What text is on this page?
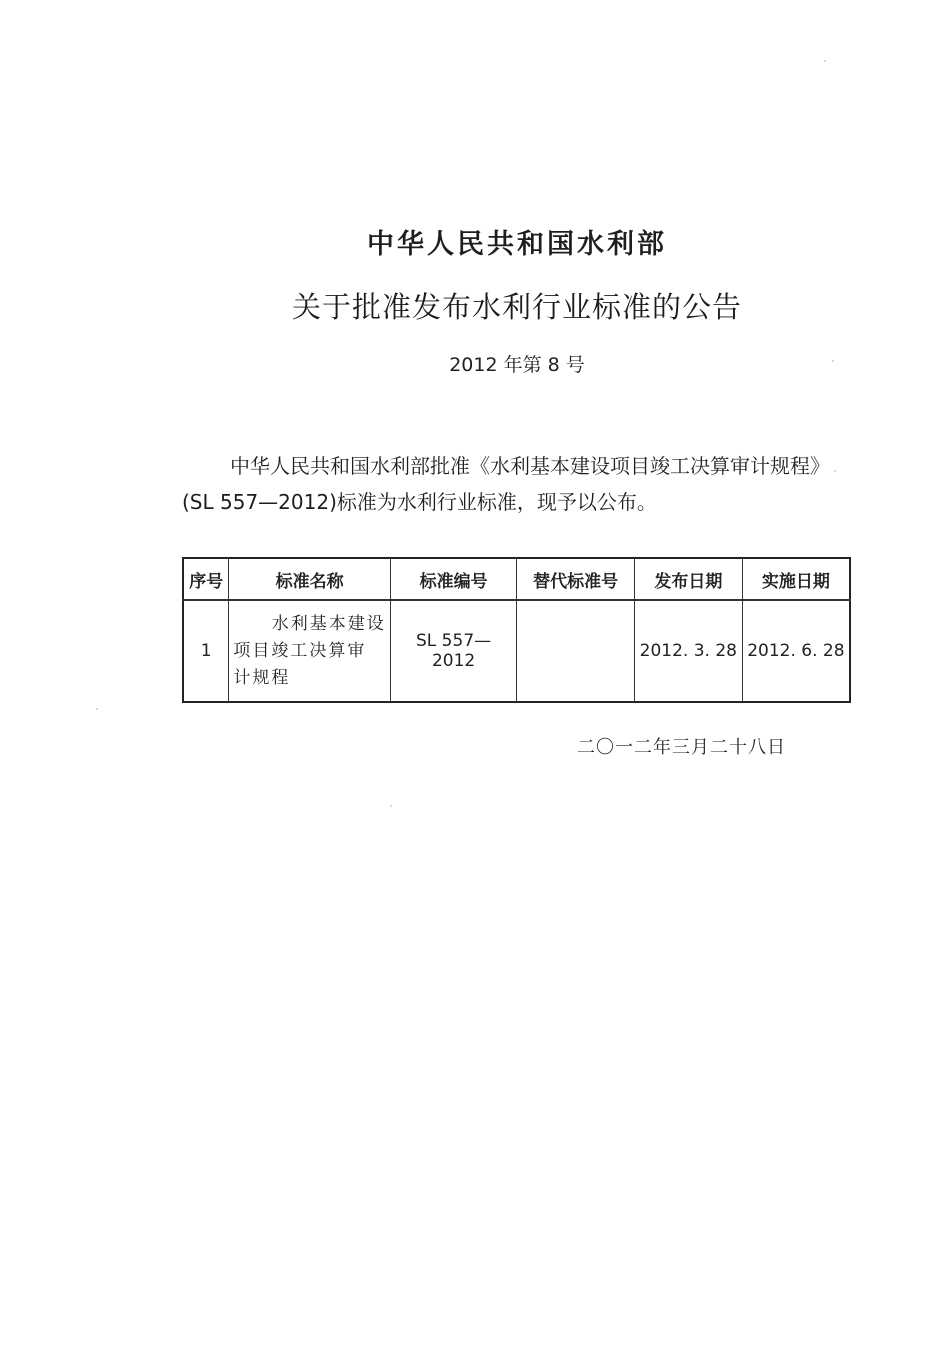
中华人民共和国水利部
关于批准发布水利行业标准的公告
2012 年第 8 号
中华人民共和国水利部批准《水利基本建设项目竣工决算审计规程》(SL 557—2012)标准为水利行业标准，现予以公布。
序号	标准名称	标准编号	替代标准号	发布日期	实施日期
1	水利基本建设
项目竣工决算审
计规程	SL 557—2012		2012. 3. 28	2012. 6. 28
二〇一二年三月二十八日
